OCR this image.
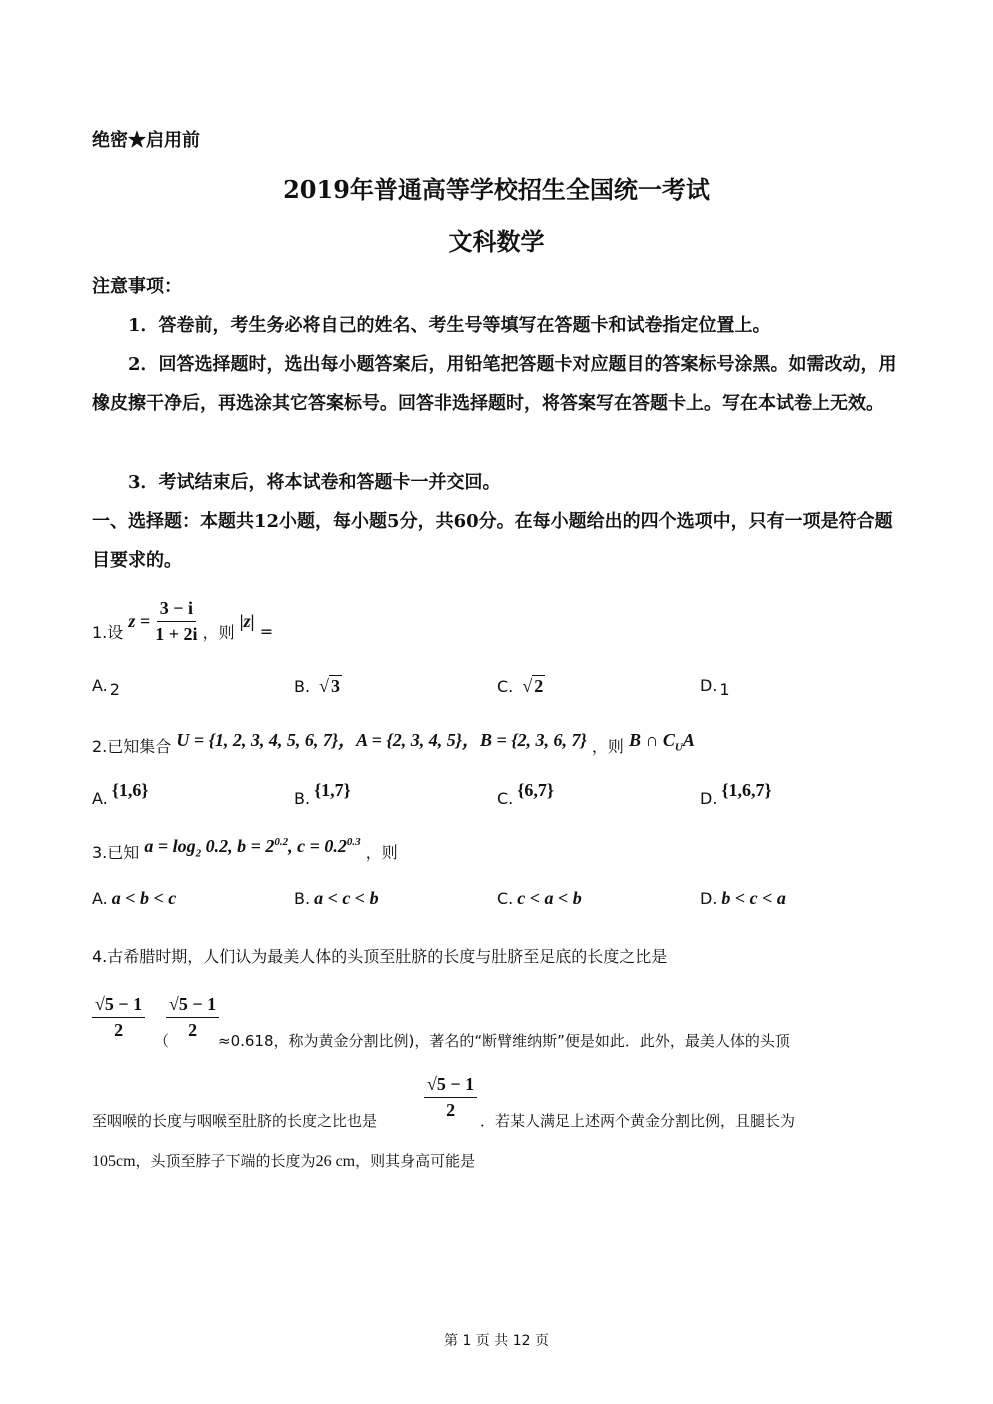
绝密★启用前
2019年普通高等学校招生全国统一考试
文科数学
注意事项：
1．答卷前，考生务必将自己的姓名、考生号等填写在答题卡和试卷指定位置上。
2．回答选择题时，选出每小题答案后，用铅笔把答题卡对应题目的答案标号涂黑。如需改动，用橡皮擦干净后，再选涂其它答案标号。回答非选择题时，将答案写在答题卡上。写在本试卷上无效。
3．考试结束后，将本试卷和答题卡一并交回。
一、选择题：本题共12小题，每小题5分，共60分。在每小题给出的四个选项中，只有一项是符合题目要求的。
1.设 $z = \frac{3 - i}{1 + 2i}$ ，则 |z| =
A. 2	B. √ 3	C. √ 2	D. 1
2.已知集合 U = {1, 2, 3, 4, 5, 6, 7}，A = {2, 3, 4, 5}，B = {2, 3, 6, 7} ，则 B ∩ $C_UA$
A. {1,6}	B. {1,7}	C. {6,7}	D. {1,6,7}
3.已知 $a = \log_2 0.2$, $b = 2^{0.2}$, $c = 0.2^{0.3}$ ，则
A. a < b < c	B. a < c < b	C. c < a < b	D. b < c < a
4.古希腊时期，人们认为最美人体的头顶至肚脐的长度与肚脐至足底的长度之比是
$\frac{√5 - 1}{2} \frac{√5 - 1}{2}$
（	≈0.618，称为黄金分割比例)，著名的“断臂维纳斯”便是如此．此外，最美人体的头顶
$\frac{√5 - 1}{2}$
至咽喉的长度与咽喉至肚脐的长度之比也是	．若某人满足上述两个黄金分割比例，且腿长为
105cm，头顶至脖子下端的长度为26 cm，则其身高可能是
第 1 页 共 12 页
